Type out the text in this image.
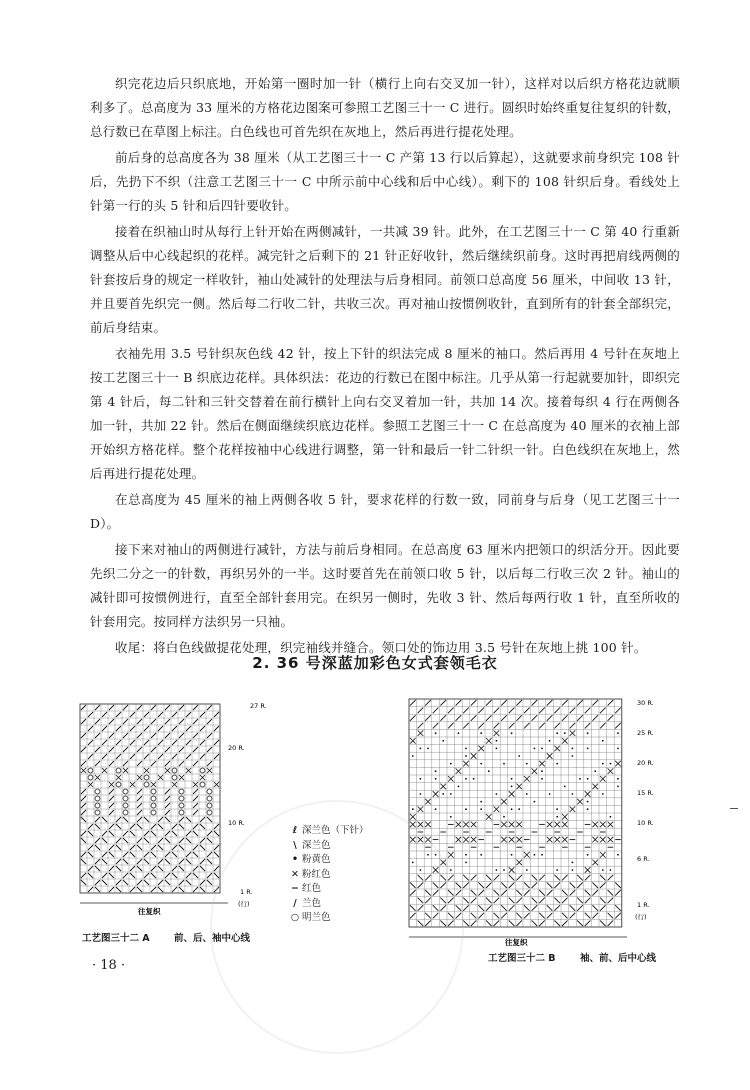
织完花边后只织底地，开始第一圈时加一针（横行上向右交叉加一针），这样对以后织方格花边就顺利多了。总高度为 33 厘米的方格花边图案可参照工艺图三十一 C 进行。圆织时始终重复往复织的针数，总行数已在草图上标注。白色线也可首先织在灰地上，然后再进行提花处理。

前后身的总高度各为 38 厘米（从工艺图三十一 C 产第 13 行以后算起），这就要求前身织完 108 针后，先扔下不织（注意工艺图三十一 C 中所示前中心线和后中心线）。剩下的 108 针织后身。看线处上针第一行的头 5 针和后四针要收针。

接着在织袖山时从每行上针开始在两侧减针，一共减 39 针。此外，在工艺图三十一 C 第 40 行重新调整从后中心线起织的花样。减完针之后剩下的 21 针正好收针，然后继续织前身。这时再把肩线两侧的针套按后身的规定一样收针，袖山处减针的处理法与后身相同。前领口总高度 56 厘米，中间收 13 针，并且要首先织完一侧。然后每二行收二针，共收三次。再对袖山按惯例收针，直到所有的针套全部织完，前后身结束。

衣袖先用 3.5 号针织灰色线 42 针，按上下针的织法完成 8 厘米的袖口。然后再用 4 号针在灰地上按工艺图三十一 B 织底边花样。具体织法：花边的行数已在图中标注。几乎从第一行起就要加针，即织完第 4 针后，每二针和三针交替着在前行横针上向右交叉着加一针，共加 14 次。接着每织 4 行在两侧各加一针，共加 22 针。然后在侧面继续织底边花样。参照工艺图三十一 C 在总高度为 40 厘米的衣袖上部开始织方格花样。整个花样按袖中心线进行调整，第一针和最后一针二针织一针。白色线织在灰地上，然后再进行提花处理。

在总高度为 45 厘米的袖上两侧各收 5 针，要求花样的行数一致，同前身与后身（见工艺图三十一 D）。

接下来对袖山的两侧进行减针，方法与前后身相同。在总高度 63 厘米内把领口的织活分开。因此要先织二分之一的针数，再织另外的一半。这时要首先在前领口收 5 针，以后每二行收三次 2 针。袖山的减针即可按惯例进行，直至全部针套用完。在织另一侧时，先收 3 针、然后每两行收 1 针，直至所收的针套用完。按同样方法织另一只袖。

收尾：将白色线做提花处理，织完袖线并缝合。领口处的饰边用 3.5 号针在灰地上挑 100 针。

2. 36 号深蓝加彩色女式套领毛衣
27 R.
20 R.
10 R.
1 R.
(行)
往复织
工艺图三十二 A	前、后、袖中心线
ℓ 深兰色（下针）
\ 深兰色
• 粉黄色
✕ 粉红色
− 红色
/ 兰色
○ 明兰色
30 R.
25 R.
20 R.
15 R.
10 R.
6 R.
1 R.
(行)
往复织
工艺图三十二 B	袖、前、后中心线
· 18 ·
